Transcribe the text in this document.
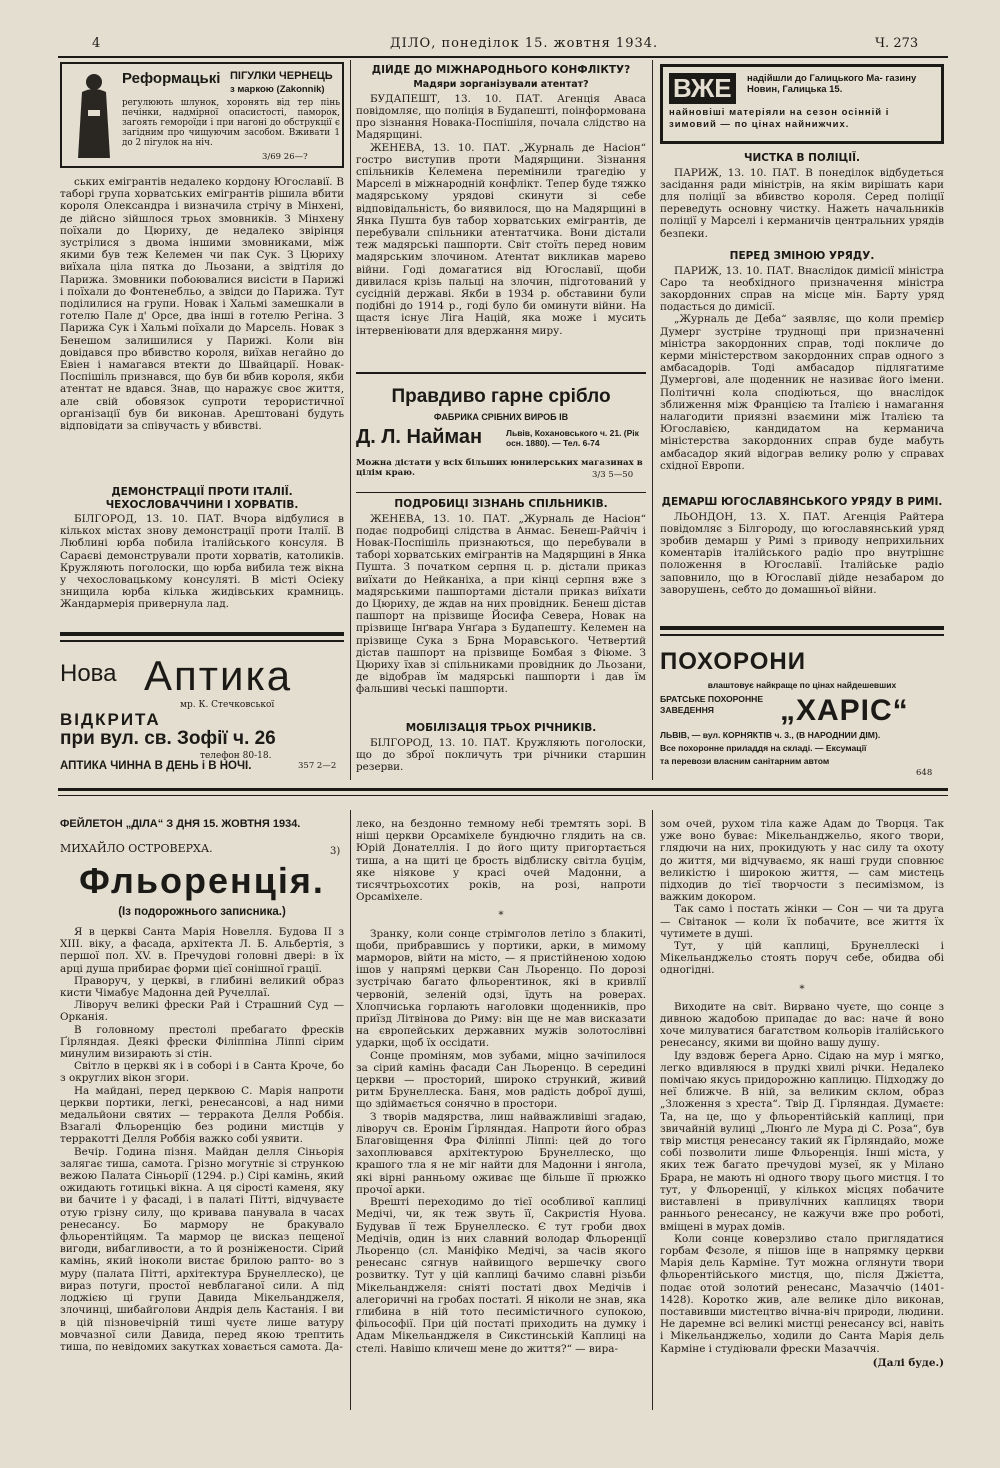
4	ДІЛО, понеділок 15. жовтня 1934.	Ч. 273
Реформацькі ПІГУЛКИ ЧЕРНЕЦЬ
з маркою (Zakonnik)
регулюють шлунок, хоронять від тер пінь печінки, надмірної опасистості, паморок, загоять гемороїди і при нагоні до обструкції є загідним про чищуючим засобом. Вживати 1 до 2 пігулок на ніч.
3/69 26—?

ських емігрантів недалеко кордону Югославії. В таборі група хорватських емігрантів рішила вбити короля Олександра і визначила стрічу в Мінхені, де дійсно зійшлося трьох змовників. З Мінхену поїхали до Цюриху, де недалеко звірінця зустрілися з двома іншими змовниками, між якими був теж Келемен чи пак Сук. З Цюриху виїхала ціла пятка до Льозани, а звідтіля до Парижа. Змовники побоювалися висісти в Парижі і поїхали до Фонтенебльо, а звідси до Парижа. Тут поділилися на групи. Новак і Хальмі замешкали в готелю Пале д' Орсе, два інші в готелю Регіна. З Парижа Сук і Хальмі поїхали до Марсель. Новак з Бенешом залишилися у Парижі. Коли він довідався про вбивство короля, виїхав негайно до Евіен і намагався втекти до Швайцарії. Новак-Поспішіль признався, що був би вбив короля, якби атентат не вдався. Знав, що наражує своє життя, але свій обовязок супроти терористичної організації був би виконав. Арештовані будуть відповідати за співучасть у вбивстві.

ДЕМОНСТРАЦІЇ ПРОТИ ІТАЛІЇ. ЧЕХОСЛОВАЧЧИНИ І ХОРВАТІВ.

БІЛГОРОД, 13. 10. ПАТ. Вчора відбулися в кількох містах знову демонстрації проти Італії. В Люблині юрба побила італійського консуля. В Сараєві демонстрували проти хорватів, католиків. Кружляють поголоски, що юрба вибила теж вікна у чехословацькому консуляті. В місті Осіеку знищила юрба кілька жидівських крамниць. Жандармерія привернула лад.

Нова Аптика
мр. К. Стечковської
ВІДКРИТА
при вул. св. Зофії ч. 26
телефон 80-18.
АПТИКА ЧИННА В ДЕНЬ і В НОЧІ.	357 2—2
ДІЙДЕ ДО МІЖНАРОДНЬОГО КОНФЛІКТУ?
Мадяри зорганізували атентат?

БУДАПЕШТ, 13. 10. ПАТ. Агенція Аваса повідомляє, що поліція в Будапешті, поінформована про зізнання Новака-Поспішіля, почала слідство на Мадярщині.

ЖЕНЕВА, 13. 10. ПАТ. „Журналь де Насіон“ гостро виступив проти Мадярщини. Зізнання спільників Келемена перемінили трагедію у Марселі в міжнародній конфлікт. Тепер буде тяжко мадярському урядові скинути зі себе відповідальність, бо виявилося, що на Мадярщині в Янка Пушта був табор хорватських емігрантів, де перебували спільники атентатчика. Вони дістали теж мадярські пашпорти. Світ стоїть перед новим мадярським злочином. Атентат викликав марево війни. Годі домагатися від Югославії, щоби дивилася крізь пальці на злочин, підготований у сусідній державі. Якби в 1934 р. обставини були подібні до 1914 р., годі було би оминути війни. На щастя існує Ліга Націй, яка може і мусить інтервеніювати для вдержання миру.

Правдиво гарне срібло
ФАБРИКА СРІБНИХ ВИРОБ ІВ
Д. Л. Найман	Львів, Кохановського ч. 21. (Рік осн. 1880). — Тел. 6-74
Можна дістати у всіх більших юнилерських магазинах в цілім краю.	3/3 5—50
ПОДРОБИЦІ ЗІЗНАНЬ СПІЛЬНИКІВ.

ЖЕНЕВА, 13. 10. ПАТ. „Журналь де Насіон“ подає подробиці слідства в Анмас. Бенеш-Райчіч і Новак-Поспішіль признаються, що перебували в таборі хорватських емігрантів на Мадярщині в Янка Пушта. З початком серпня ц. р. дістали приказ виїхати до Нейканіха, а при кінці серпня вже з мадярськими пашпортами дістали приказ виїхати до Цюриху, де ждав на них провідник. Бенеш дістав пашпорт на прізвище Йосифа Севера, Новак на прізвище Інґвара Унґара з Будапешту. Келемен на прізвище Сука з Брна Моравського. Четвертий дістав пашпорт на прізвище Бомбая з Фіюме. З Цюриху їхав зі спільниками провідник до Льозани, де відобрав їм мадярські пашпорти і дав їм фальшиві чеські пашпорти.

МОБІЛІЗАЦІЯ ТРЬОХ РІЧНИКІВ.

БІЛГОРОД, 13. 10. ПАТ. Кружляють поголоски, що до зброї покличуть три річники старшин резерви.

ВЖЕ	надійшли до Галицького Ма- газину Новин, Галицька 15.
найновіші матеріяли на сезон осінній і зимовий — по цінах найнижчих.
ЧИСТКА В ПОЛІЦІЇ.

ПАРИЖ, 13. 10. ПАТ. В понеділок відбудеться засідання ради міністрів, на якім вирішать кари для поліції за вбивство короля. Серед поліції переведуть основну чистку. Нажеть начальників поліції у Марселі і керманичів центральних урядів безпеки.

ПЕРЕД ЗМІНОЮ УРЯДУ.

ПАРИЖ, 13. 10. ПАТ. Внаслідок димісії міністра Саро та необхідного призначення міністра закордонних справ на місце мін. Барту уряд подасться до димісії.

„Журналь де Деба“ заявляє, що коли премієр Думерг зустріне труднощі при призначенні міністра закордонних справ, тоді покличе до керми міністерством закордонних справ одного з амбасадорів. Тоді амбасадор підлягатиме Думергові, але щоденник не називає його імени. Політичні кола сподіються, що внаслідок зближення між Францією та Італією і намагання налагодити приязні взаємини між Італією та Югославією, кандидатом на керманича міністерства закордонних справ буде мабуть амбасадор який відограв велику ролю у справах східної Европи.

ДЕМАРШ ЮГОСЛАВЯНСЬКОГО УРЯДУ В РИМІ.

ЛЬОНДОН, 13. Х. ПАТ. Агенція Райтера повідомляє з Білгороду, що югославянський уряд зробив демарш у Римі з приводу неприхильних коментарів італійського радіо про внутрішнє положення в Югославії. Італійське радіо заповнило, що в Югославії дійде незабаром до заворушень, себто до домашньої війни.

ПОХОРОНИ
влаштовує найкраще по цінах найдешевших
БРАТСЬКЕ ПОХОРОННЕ ЗАВЕДЕННЯ	„ХАРІС“
ЛЬВІВ, — вул. КОРНЯКТІВ ч. 3., (В НАРОДНИИ ДІМ).
Все похоронне приладдя на складі. — Ексумації
та перевози власним санітарним автом
648
ФЕЙЛЕТОН „ДІЛА“ З ДНЯ 15. ЖОВТНЯ 1934.
МИХАЙЛО ОСТРОВЕРХА.	3)
Фльоренція.
(Із подорожнього записника.)

Я в церкві Санта Марія Новелля. Будова ІІ з ХІІІ. віку, а фасада, архітекта Л. Б. Альбертія, з першої пол. XV. в. Пречудові головні двері: в їх арці душа прибирає форми цієї сонішної грації.

Праворуч, у церкві, в глибині великий образ кисти Чімабує Мадонна дей Ручеллаї.

Ліворуч великі фрески Рай і Страшний Суд — Орканія.

В головному престолі пребагато фресків Ґірляндая. Деякі фрески Філіппіна Ліппі сірим минулим визирають зі стін.

Світло в церкві як і в соборі і в Санта Кроче, бо з округлих вікон згори.

На майдані, перед церквою С. Марія напроти церкви портики, легкі, ренесансові, а над ними медальйони святих — терракота Делля Роббія. Взагалі Фльоренцію без родини мистців у терракотті Делля Роббія важко собі уявити.

Вечір. Година пізня. Майдан делля Сіньорія залягає тиша, самота. Грізно могутніє зі стрункою вежою Палата Сіньорії (1294. р.) Сірі камінь, який ожидають готицькі вікна. А ця сірості каменя, яку ви бачите і у фасаді, і в палаті Пітті, відчуваєте отую грізну силу, що кривава панувала в часах ренесансу. Бо мармору не бракувало фльорентійцям. Та мармор це висказ пещеної вигоди, вибагливости, а то й розніжености. Сірий камінь, який іноколи вистає брилою рапто- во з муру (палата Пітті, архітектура Брунеллеско), це вираз потуги, простої невблаганої сили. А під лоджією ці групи Давида Мікельанджеля, злочинці, шибайголови Андрія дель Кастанія. І ви в цій пізновечірній тиші чуєте лише ватуру мовчазної сили Давида, перед якою трептить тиша, по невідомих закутках ховається самота. Да-

леко, на бездонно темному небі тремтять зорі. В ніші церкви Орсаміхеле бундючно глядить на св. Юрій Донателлія. І до його щиту пригортається тиша, а на щиті це брость відблиску світла буцім, яке ніякове у красі очей Мадонни, а тисячтрьохсотих років, на розі, напроти Орсаміхеле.

*

Зранку, коли сонце стрімголов летіло з блакиті, щоби, прибравшись у портики, арки, в мимому марморов, війти на місто, — я пристійненою ходою ішов у напрямі церкви Сан Льоренцо. По дорозі зустрічаю багато фльорентинок, які в кривлії червоній, зеленій одзі, їдуть на роверах. Хлопчиська горлають наголовки щоденників, про приїзд Літвінова до Риму: він ще не мав висказати на європейських державних мужів золотослівні ударки, щоб їх оссідати.

Сонце проміням, мов зубами, міцно зачіпилося за сірий камінь фасади Сан Льоренцо. В середині церкви — просторий, широко стрункий, живий ритм Брунеллеска. Баня, мов радість доброї душі, що здіймається сонячно в простори.

З творів мадярства, лиш найважливіші згадаю, ліворуч св. Еронім Ґірляндая. Напроти його образ Благовіщення Фра Філіппі Ліппі: цей до того захоплювався архітектурою Брунеллеско, що крашого тла я не міг найти для Мадонни і янгола, які вірні ранньому оживає ще більше її прюжко прочої арки.

Врешті переходимо до тієї особливої каплиці Медічі, чи, як теж звуть її, Сакристія Нуова. Будував її теж Брунеллеско. Є тут гроби двох Медічів, один із них славний володар Фльоренції Льоренцо (сл. Маніфіко Медічі, за часів якого ренесанс сягнув найвищого вершечку свого розвитку. Тут у цій каплиці бачимо славні різьби Мікельанджеля: сніяті постаті двох Медічів і алегоричні на гробах постаті. Я ніколи не знав, яка глибина в ній тото песимістичного супокою, фільософії. При цій постаті приходить на думку і Адам Мікельанджеля в Сикстинській Каплиці на стелі. Навішо кличеш мене до життя?“ — вира-

зом очей, рухом тіла каже Адам до Творця. Так уже воно буває: Мікельанджельо, якого твори, глядючи на них, прокидують у нас силу та охоту до життя, ми відчуваємо, як наші груди сповнює великістю і широкою життя, — сам мистець підходив до тієї творчости з песимізмом, із важким докором.

Так само і постать жінки — Сон — чи та друга — Світанок — коли їх побачите, все життя їх чутимете в душі.

Тут, у цій каплиці, Брунеллескі і Мікельанджельо стоять поруч себе, обидва обі одногідні.

*

Виходите на світ. Вирвано чуєте, що сонце з дивною жадобою припадає до вас: наче й воно хоче милуватися багатством кольорів італійського ренесансу, якими ви щойно вашу душу.

Іду вздовж берега Арно. Сідаю на мур і мягко, легко вдивляюся в прудкі хвилі річки. Недалеко помічаю якусь придорожню каплицю. Підходжу до неї ближче. В ній, за великим склом, образ „Зложення з хреста“. Твір Д. Ґірляндая. Думаєте: Та, на це, що у фльорентійській каплиці, при звичайній вулиці „Люнґо ле Мура ді С. Роза“, був твір мистця ренесансу такий як Ґірляндайо, може собі позволити лише Фльоренція. Інші міста, у яких теж багато пречудові музеї, як у Мілано Брара, не мають ні одного твору цього мистця. І то тут, у Фльоренції, у кількох місцях побачите виставлені в привулічних каплицях твори раннього ренесансу, не кажучи вже про роботі, вміщені в мурах домів.

Коли сонце коверзливо стало приглядатися горбам Фєзоле, я пішов іще в напрямку церкви Марія дель Карміне. Тут можна оглянути твори фльорентійського мистця, що, після Джієтта, подає отой золотий ренесанс, Мазаччіо (1401-1428). Коротко жив, але велике діло виконав, поставивши мистецтво вічна-віч природи, людини. Не даремне всі великі мистці ренесансу всі, навіть і Мікельанджельо, ходили до Санта Марія дель Карміне і студіювали фрески Мазаччія.

(Далі буде.)
